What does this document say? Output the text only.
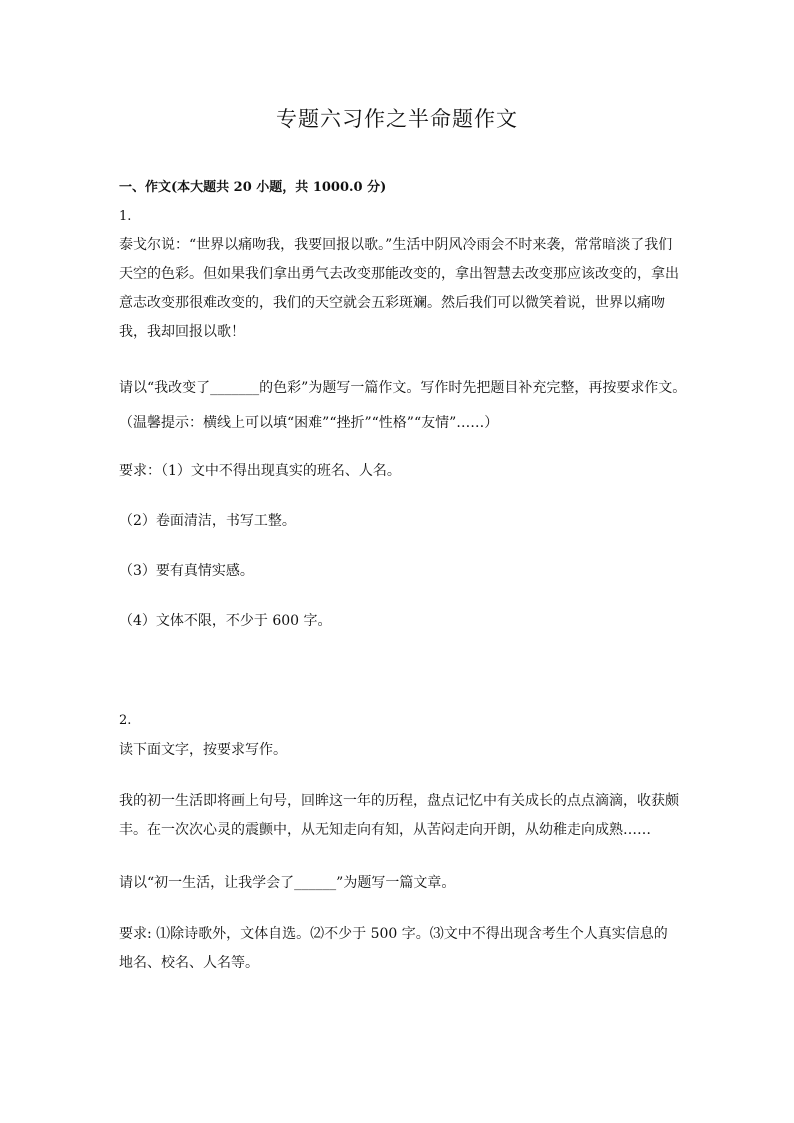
专题六习作之半命题作文
一、作文(本大题共 20 小题，共 1000.0 分)
1.

泰戈尔说：“世界以痛吻我，我要回报以歌。”生活中阴风冷雨会不时来袭，常常暗淡了我们天空的色彩。但如果我们拿出勇气去改变那能改变的，拿出智慧去改变那应该改变的，拿出意志改变那很难改变的，我们的天空就会五彩斑斓。然后我们可以微笑着说，世界以痛吻我，我却回报以歌！

请以“我改变了_______的色彩”为题写一篇作文。写作时先把题目补充完整，再按要求作文。

（温馨提示：横线上可以填“困难”“挫折”“性格”“友情”……）

要求：（1）文中不得出现真实的班名、人名。

（2）卷面清洁，书写工整。

（3）要有真情实感。

（4）文体不限，不少于 600 字。

2.

读下面文字，按要求写作。

我的初一生活即将画上句号，回眸这一年的历程，盘点记忆中有关成长的点点滴滴，收获颇丰。在一次次心灵的震颤中，从无知走向有知，从苦闷走向开朗，从幼稚走向成熟……

请以“初一生活，让我学会了______”为题写一篇文章。

要求: ⑴除诗歌外，文体自选。⑵不少于 500 字。⑶文中不得出现含考生个人真实信息的地名、校名、人名等。
